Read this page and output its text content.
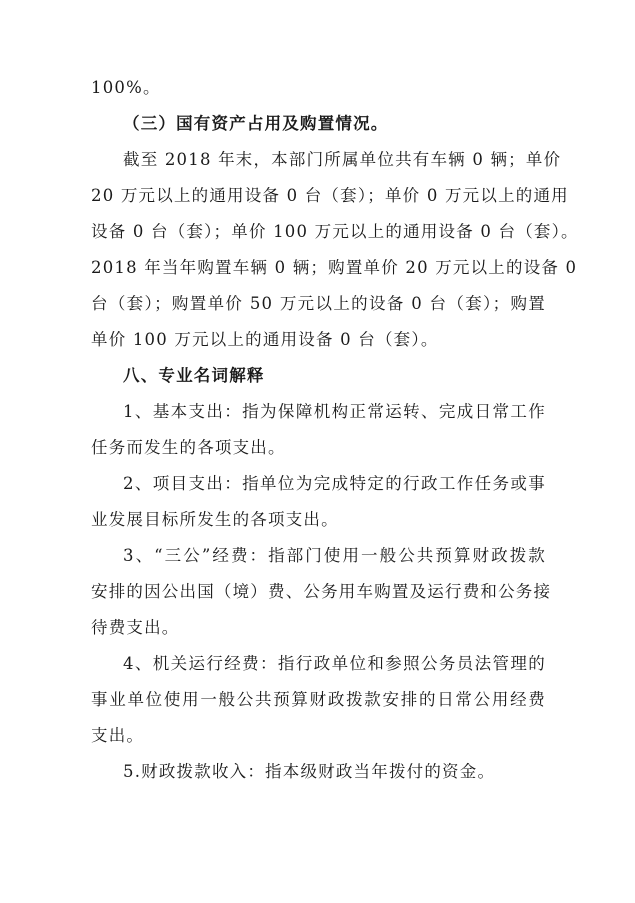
100%。
（三）国有资产占用及购置情况。
截至 2018 年末，本部门所属单位共有车辆 0 辆；单价
20 万元以上的通用设备 0 台（套）；单价 0 万元以上的通用
设备 0 台（套）；单价 100 万元以上的通用设备 0 台（套）。
2018 年当年购置车辆 0 辆；购置单价 20 万元以上的设备 0
台（套）；购置单价 50 万元以上的设备 0 台（套）；购置
单价 100 万元以上的通用设备 0 台（套）。
八、专业名词解释
1、基本支出：指为保障机构正常运转、完成日常工作
任务而发生的各项支出。
2、项目支出：指单位为完成特定的行政工作任务或事
业发展目标所发生的各项支出。
3、“三公”经费：指部门使用一般公共预算财政拨款
安排的因公出国（境）费、公务用车购置及运行费和公务接
待费支出。
4、机关运行经费：指行政单位和参照公务员法管理的
事业单位使用一般公共预算财政拨款安排的日常公用经费
支出。
5.财政拨款收入：指本级财政当年拨付的资金。
